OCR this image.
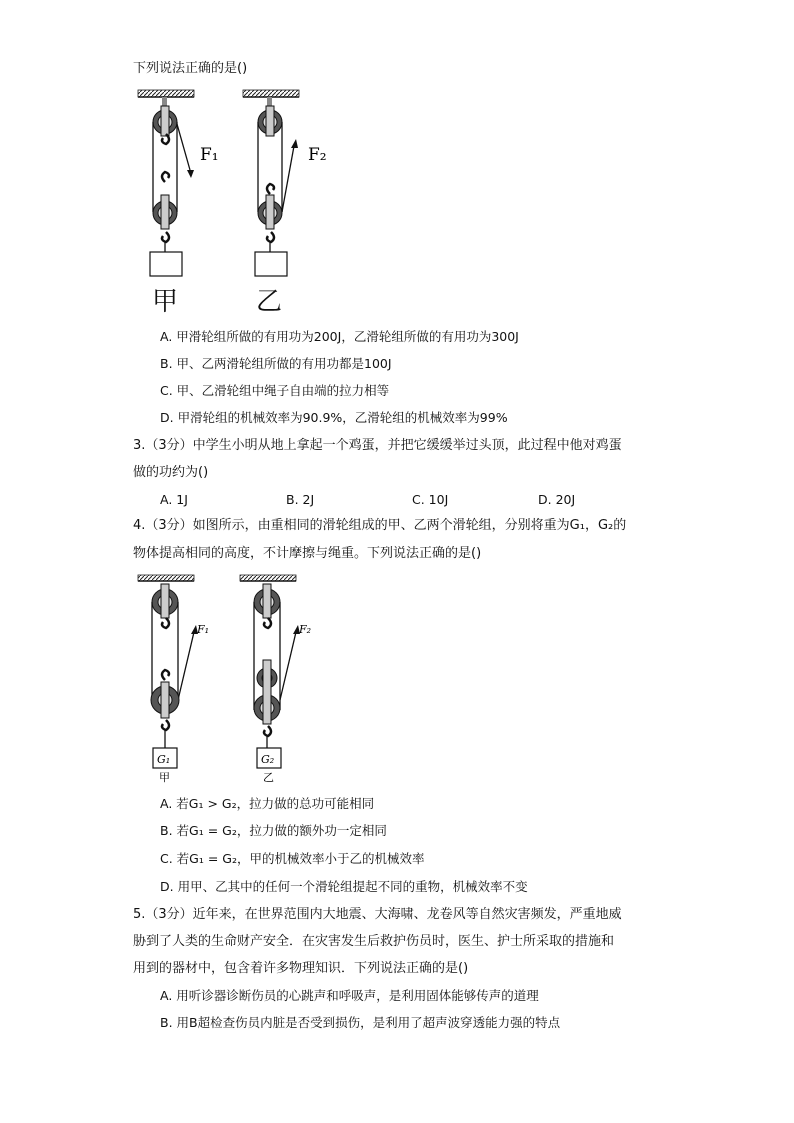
下列说法正确的是()
F₁	F₂
甲	乙
A. 甲滑轮组所做的有用功为200J，乙滑轮组所做的有用功为300J
B. 甲、乙两滑轮组所做的有用功都是100J
C. 甲、乙滑轮组中绳子自由端的拉力相等
D. 甲滑轮组的机械效率为90.9%，乙滑轮组的机械效率为99%
3.（3分）中学生小明从地上拿起一个鸡蛋，并把它缓缓举过头顶，此过程中他对鸡蛋
做的功约为()
A. 1J	B. 2J	C. 10J	D. 20J
4.（3分）如图所示，由重相同的滑轮组成的甲、乙两个滑轮组，分别将重为G₁，G₂的
物体提高相同的高度，不计摩擦与绳重。下列说法正确的是()
F₁	F₂
G₁	G₂
甲	乙
A. 若G₁ > G₂，拉力做的总功可能相同
B. 若G₁ = G₂，拉力做的额外功一定相同
C. 若G₁ = G₂，甲的机械效率小于乙的机械效率
D. 用甲、乙其中的任何一个滑轮组提起不同的重物，机械效率不变
5.（3分）近年来，在世界范围内大地震、大海啸、龙卷风等自然灾害频发，严重地威
胁到了人类的生命财产安全．在灾害发生后救护伤员时，医生、护士所采取的措施和
用到的器材中，包含着许多物理知识．下列说法正确的是()
A. 用听诊器诊断伤员的心跳声和呼吸声，是利用固体能够传声的道理
B. 用B超检查伤员内脏是否受到损伤，是利用了超声波穿透能力强的特点
